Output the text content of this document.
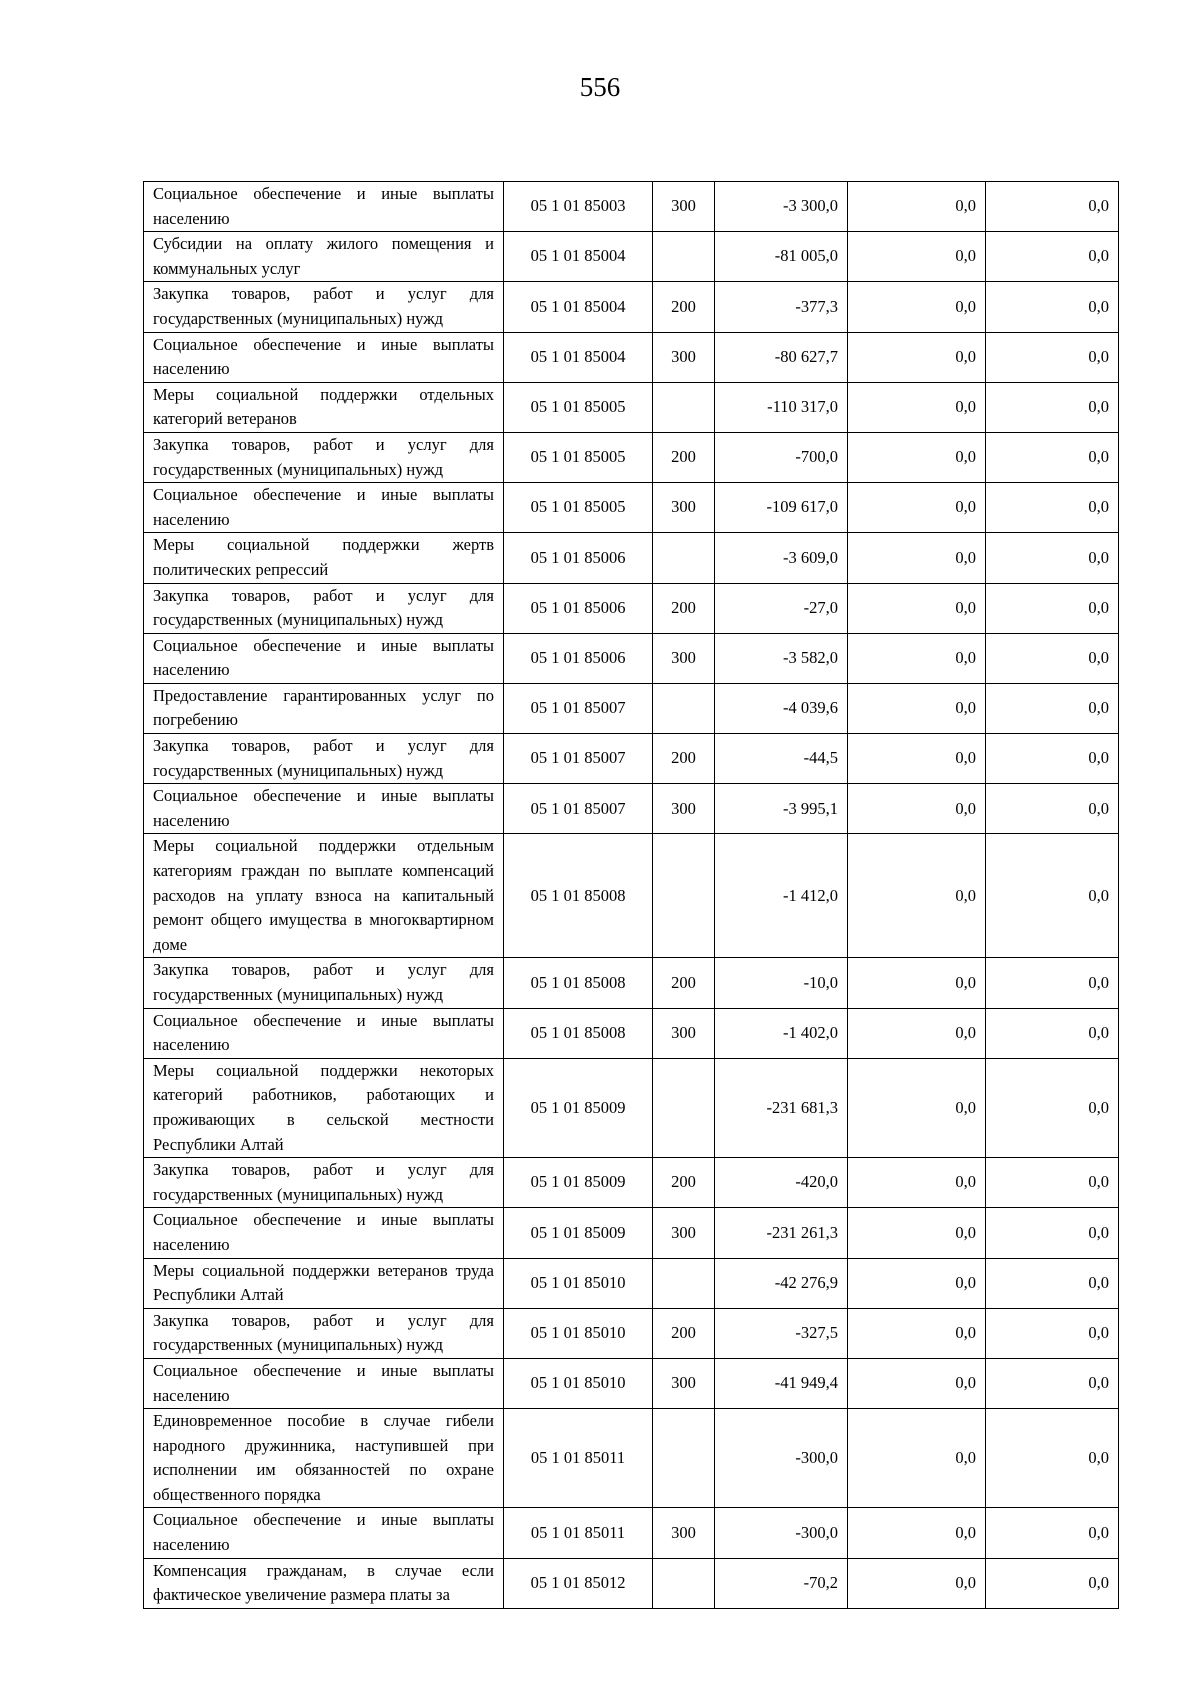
556
Социальное обеспечение и иные выплаты населению	05 1 01 85003	300	-3 300,0	0,0	0,0
Субсидии на оплату жилого помещения и коммунальных услуг	05 1 01 85004		-81 005,0	0,0	0,0
Закупка товаров, работ и услуг для государственных (муниципальных) нужд	05 1 01 85004	200	-377,3	0,0	0,0
Социальное обеспечение и иные выплаты населению	05 1 01 85004	300	-80 627,7	0,0	0,0
Меры социальной поддержки отдельных категорий ветеранов	05 1 01 85005		-110 317,0	0,0	0,0
Закупка товаров, работ и услуг для государственных (муниципальных) нужд	05 1 01 85005	200	-700,0	0,0	0,0
Социальное обеспечение и иные выплаты населению	05 1 01 85005	300	-109 617,0	0,0	0,0
Меры социальной поддержки жертв политических репрессий	05 1 01 85006		-3 609,0	0,0	0,0
Закупка товаров, работ и услуг для государственных (муниципальных) нужд	05 1 01 85006	200	-27,0	0,0	0,0
Социальное обеспечение и иные выплаты населению	05 1 01 85006	300	-3 582,0	0,0	0,0
Предоставление гарантированных услуг по погребению	05 1 01 85007		-4 039,6	0,0	0,0
Закупка товаров, работ и услуг для государственных (муниципальных) нужд	05 1 01 85007	200	-44,5	0,0	0,0
Социальное обеспечение и иные выплаты населению	05 1 01 85007	300	-3 995,1	0,0	0,0
Меры социальной поддержки отдельным категориям граждан по выплате компенсаций расходов на уплату взноса на капитальный ремонт общего имущества в многоквартирном доме	05 1 01 85008		-1 412,0	0,0	0,0
Закупка товаров, работ и услуг для государственных (муниципальных) нужд	05 1 01 85008	200	-10,0	0,0	0,0
Социальное обеспечение и иные выплаты населению	05 1 01 85008	300	-1 402,0	0,0	0,0
Меры социальной поддержки некоторых категорий работников, работающих и проживающих в сельской местности Республики Алтай	05 1 01 85009		-231 681,3	0,0	0,0
Закупка товаров, работ и услуг для государственных (муниципальных) нужд	05 1 01 85009	200	-420,0	0,0	0,0
Социальное обеспечение и иные выплаты населению	05 1 01 85009	300	-231 261,3	0,0	0,0
Меры социальной поддержки ветеранов труда Республики Алтай	05 1 01 85010		-42 276,9	0,0	0,0
Закупка товаров, работ и услуг для государственных (муниципальных) нужд	05 1 01 85010	200	-327,5	0,0	0,0
Социальное обеспечение и иные выплаты населению	05 1 01 85010	300	-41 949,4	0,0	0,0
Единовременное пособие в случае гибели народного дружинника, наступившей при исполнении им обязанностей по охране общественного порядка	05 1 01 85011		-300,0	0,0	0,0
Социальное обеспечение и иные выплаты населению	05 1 01 85011	300	-300,0	0,0	0,0
Компенсация гражданам, в случае если фактическое увеличение размера платы за	05 1 01 85012		-70,2	0,0	0,0
